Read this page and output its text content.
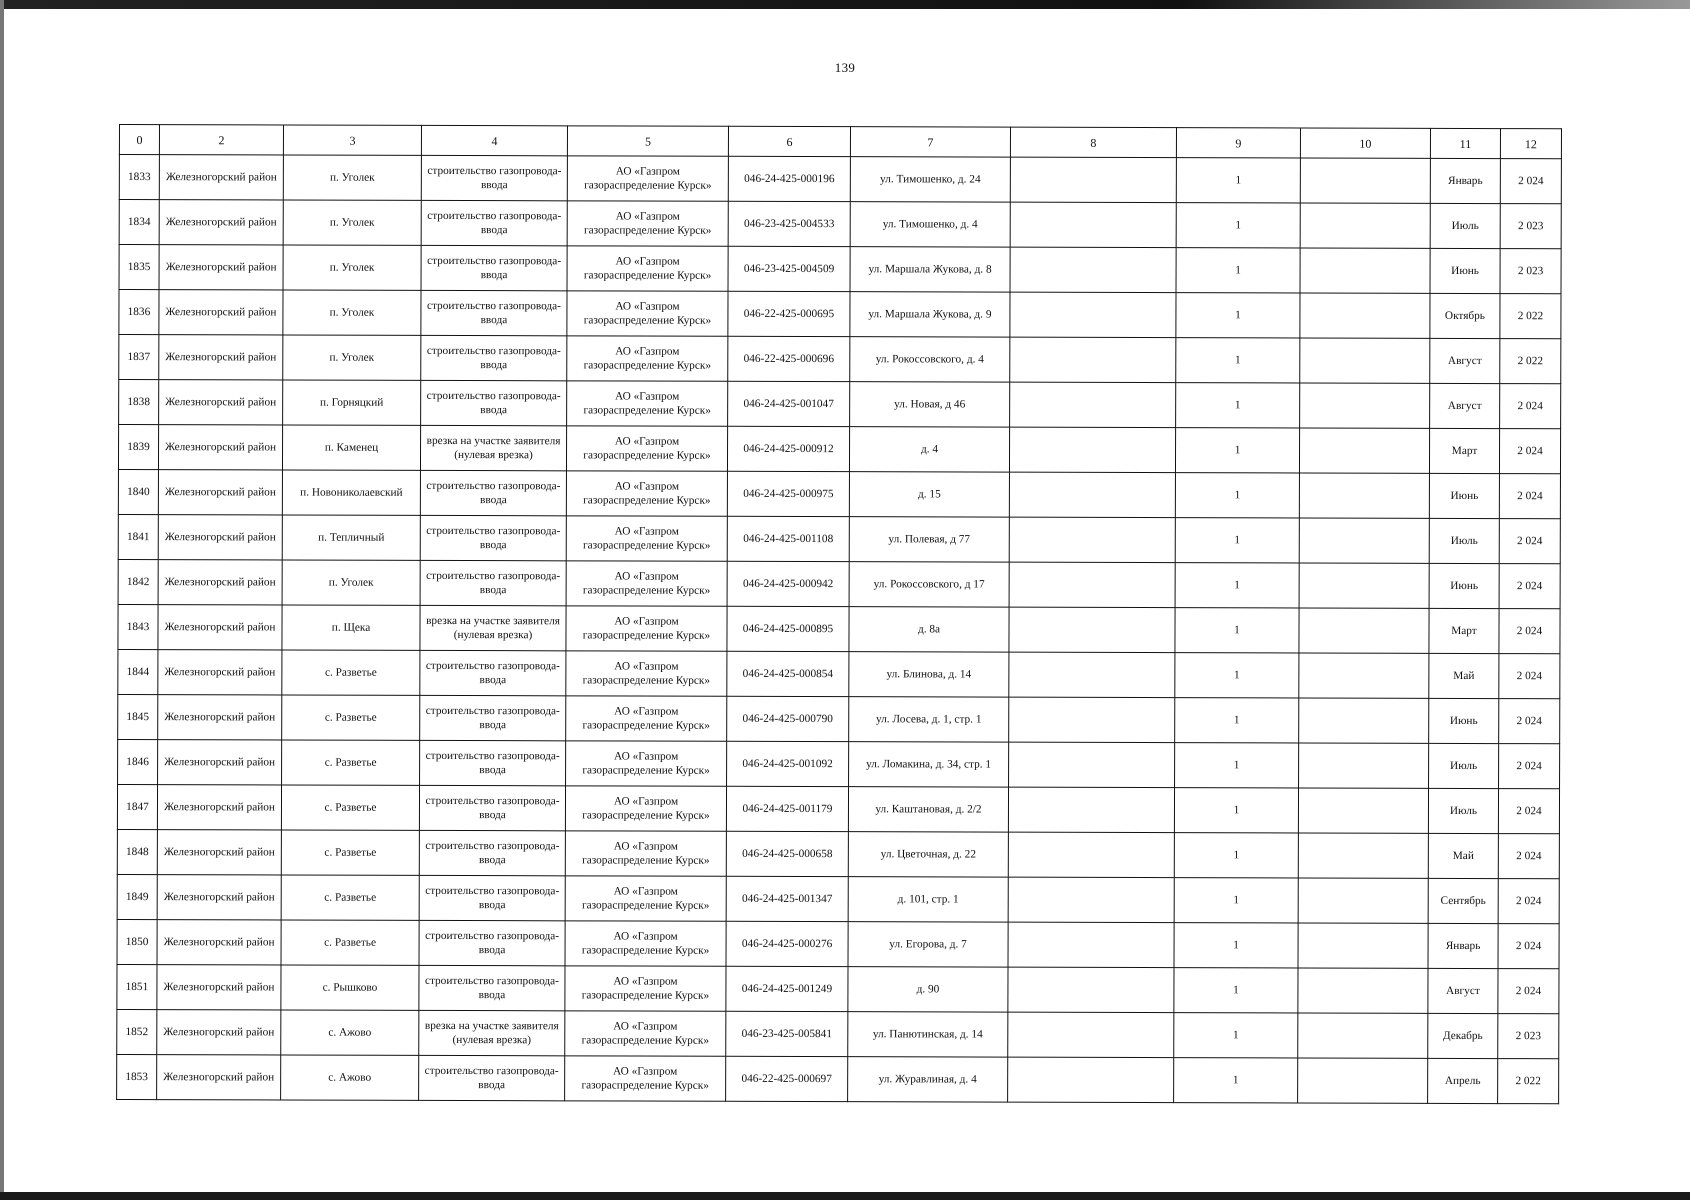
139
0	2	3	4	5	6	7	8	9	10	11	12
1833	Железногорский район	п. Уголек	строительство газопровода-ввода	АО «Газпром газораспределение Курск»	046-24-425-000196	ул. Тимошенко, д. 24		1		Январь	2 024
1834	Железногорский район	п. Уголек	строительство газопровода-ввода	АО «Газпром газораспределение Курск»	046-23-425-004533	ул. Тимошенко, д. 4		1		Июль	2 023
1835	Железногорский район	п. Уголек	строительство газопровода-ввода	АО «Газпром газораспределение Курск»	046-23-425-004509	ул. Маршала Жукова, д. 8		1		Июнь	2 023
1836	Железногорский район	п. Уголек	строительство газопровода-ввода	АО «Газпром газораспределение Курск»	046-22-425-000695	ул. Маршала Жукова, д. 9		1		Октябрь	2 022
1837	Железногорский район	п. Уголек	строительство газопровода-ввода	АО «Газпром газораспределение Курск»	046-22-425-000696	ул. Рокоссовского, д. 4		1		Август	2 022
1838	Железногорский район	п. Горняцкий	строительство газопровода-ввода	АО «Газпром газораспределение Курск»	046-24-425-001047	ул. Новая, д 46		1		Август	2 024
1839	Железногорский район	п. Каменец	врезка на участке заявителя (нулевая врезка)	АО «Газпром газораспределение Курск»	046-24-425-000912	д. 4		1		Март	2 024
1840	Железногорский район	п. Новониколаевский	строительство газопровода-ввода	АО «Газпром газораспределение Курск»	046-24-425-000975	д. 15		1		Июнь	2 024
1841	Железногорский район	п. Тепличный	строительство газопровода-ввода	АО «Газпром газораспределение Курск»	046-24-425-001108	ул. Полевая, д 77		1		Июль	2 024
1842	Железногорский район	п. Уголек	строительство газопровода-ввода	АО «Газпром газораспределение Курск»	046-24-425-000942	ул. Рокоссовского, д 17		1		Июнь	2 024
1843	Железногорский район	п. Щека	врезка на участке заявителя (нулевая врезка)	АО «Газпром газораспределение Курск»	046-24-425-000895	д. 8а		1		Март	2 024
1844	Железногорский район	с. Разветье	строительство газопровода-ввода	АО «Газпром газораспределение Курск»	046-24-425-000854	ул. Блинова, д. 14		1		Май	2 024
1845	Железногорский район	с. Разветье	строительство газопровода-ввода	АО «Газпром газораспределение Курск»	046-24-425-000790	ул. Лосева, д. 1, стр. 1		1		Июнь	2 024
1846	Железногорский район	с. Разветье	строительство газопровода-ввода	АО «Газпром газораспределение Курск»	046-24-425-001092	ул. Ломакина, д. 34, стр. 1		1		Июль	2 024
1847	Железногорский район	с. Разветье	строительство газопровода-ввода	АО «Газпром газораспределение Курск»	046-24-425-001179	ул. Каштановая, д. 2/2		1		Июль	2 024
1848	Железногорский район	с. Разветье	строительство газопровода-ввода	АО «Газпром газораспределение Курск»	046-24-425-000658	ул. Цветочная, д. 22		1		Май	2 024
1849	Железногорский район	с. Разветье	строительство газопровода-ввода	АО «Газпром газораспределение Курск»	046-24-425-001347	д. 101, стр. 1		1		Сентябрь	2 024
1850	Железногорский район	с. Разветье	строительство газопровода-ввода	АО «Газпром газораспределение Курск»	046-24-425-000276	ул. Егорова, д. 7		1		Январь	2 024
1851	Железногорский район	с. Рышково	строительство газопровода-ввода	АО «Газпром газораспределение Курск»	046-24-425-001249	д. 90		1		Август	2 024
1852	Железногорский район	с. Ажово	врезка на участке заявителя (нулевая врезка)	АО «Газпром газораспределение Курск»	046-23-425-005841	ул. Панютинская, д. 14		1		Декабрь	2 023
1853	Железногорский район	с. Ажово	строительство газопровода-ввода	АО «Газпром газораспределение Курск»	046-22-425-000697	ул. Журавлиная, д. 4		1		Апрель	2 022
